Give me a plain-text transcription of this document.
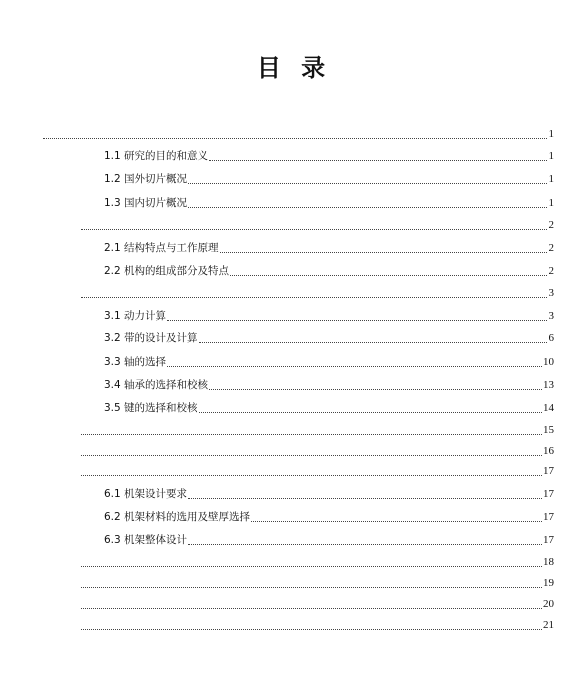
目 录
1
1.1 研究的目的和意义	1
1.2 国外切片概况	1
1.3 国内切片概况	1
2
2.1 结构特点与工作原理	2
2.2 机构的组成部分及特点	2
3
3.1 动力计算	3
3.2 带的设计及计算	6
3.3 轴的选择	10
3.4 轴承的选择和校核	13
3.5 键的选择和校核	14
15
16
17
6.1 机架设计要求	17
6.2 机架材料的选用及壁厚选择	17
6.3 机架整体设计	17
18
19
20
21
